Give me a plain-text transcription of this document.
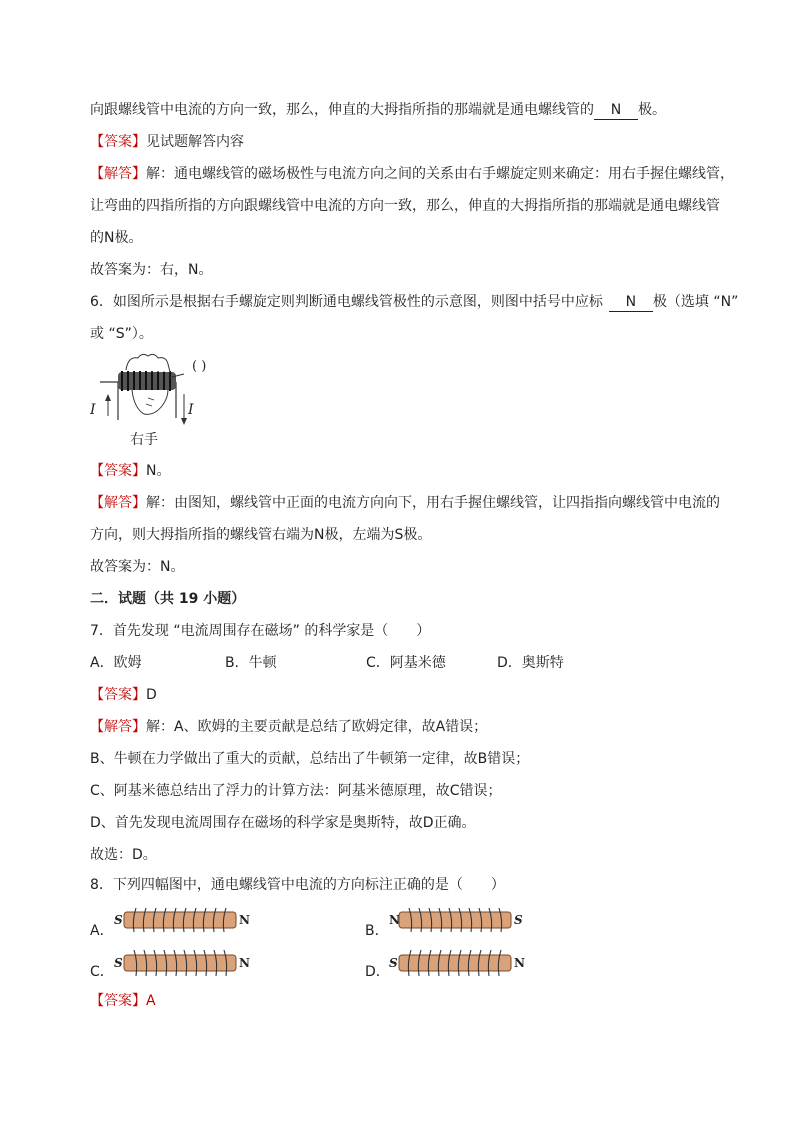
向跟螺线管中电流的方向一致，那么，伸直的大拇指所指的那端就是通电螺线管的 N 极。
【答案】见试题解答内容
【解答】解：通电螺线管的磁场极性与电流方向之间的关系由右手螺旋定则来确定：用右手握住螺线管，
让弯曲的四指所指的方向跟螺线管中电流的方向一致，那么，伸直的大拇指所指的那端就是通电螺线管
的N极。
故答案为：右，N。
6．如图所示是根据右手螺旋定则判断通电螺线管极性的示意图，则图中括号中应标 N 极（选填 “N”
或 “S”）。
( )
I	I
右手
【答案】N。
【解答】解：由图知，螺线管中正面的电流方向向下，用右手握住螺线管，让四指指向螺线管中电流的
方向，则大拇指所指的螺线管右端为N极，左端为S极。
故答案为：N。
二．试题（共 19 小题）
7．首先发现 “电流周围存在磁场” 的科学家是（　　）
A．欧姆	B．牛顿	C．阿基米德	D．奥斯特
【答案】D
【解答】解：A、欧姆的主要贡献是总结了欧姆定律，故A错误；
B、牛顿在力学做出了重大的贡献，总结出了牛顿第一定律，故B错误；
C、阿基米德总结出了浮力的计算方法：阿基米德原理，故C错误；
D、首先发现电流周围存在磁场的科学家是奥斯特，故D正确。
故选：D。
8．下列四幅图中，通电螺线管中电流的方向标注正确的是（　　）
A．
S	N
B．
N	S
C．
S	N
D．
S	N
【答案】A
